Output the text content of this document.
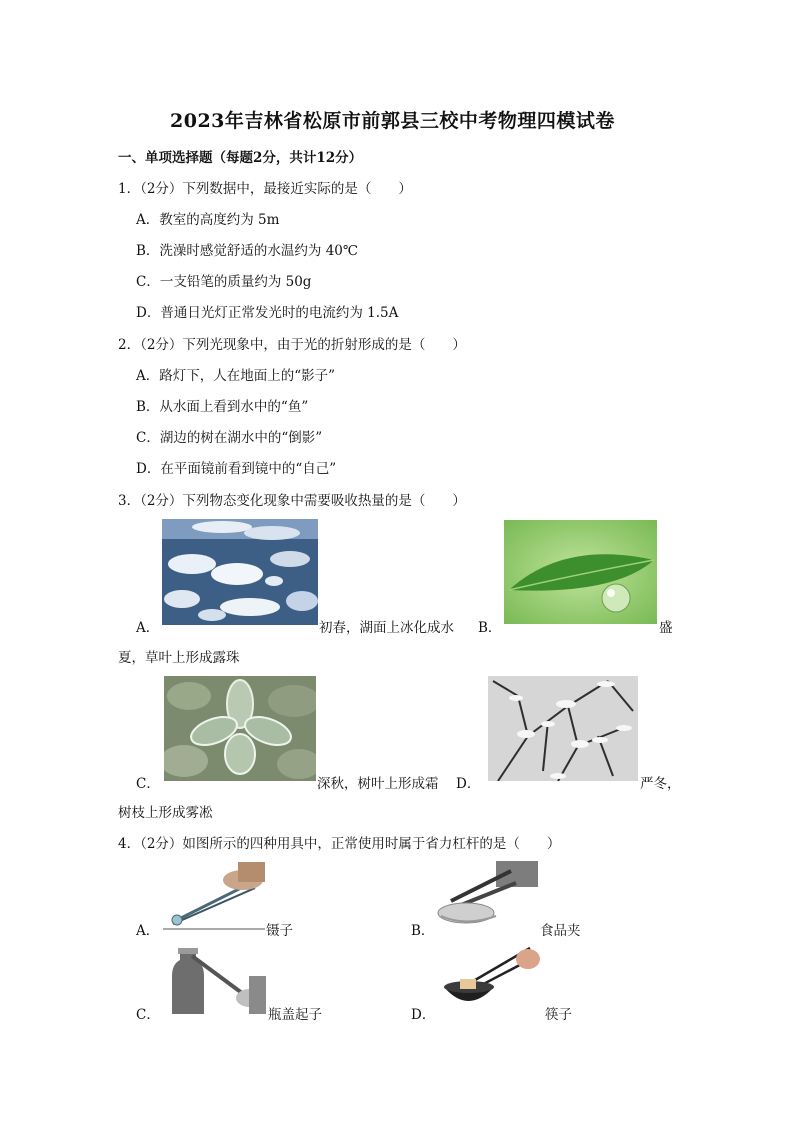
2023年吉林省松原市前郭县三校中考物理四模试卷
一、单项选择题（每题2分，共计12分）
1．（2分）下列数据中，最接近实际的是（　　）
A．教室的高度约为 5m
B．洗澡时感觉舒适的水温约为 40℃
C．一支铅笔的质量约为 50g
D．普通日光灯正常发光时的电流约为 1.5A
2．（2分）下列光现象中，由于光的折射形成的是（　　）
A．路灯下，人在地面上的“影子”
B．从水面上看到水中的“鱼”
C．湖边的树在湖水中的“倒影”
D．在平面镜前看到镜中的“自己”
3．（2分）下列物态变化现象中需要吸收热量的是（　　）
A．	初春，湖面上冰化成水 B．	盛
夏，草叶上形成露珠
C．	深秋，树叶上形成霜 D．	严冬，
树枝上形成雾凇
4．（2分）如图所示的四种用具中，正常使用时属于省力杠杆的是（　　）
A．	镊子	B．	食品夹
C．	瓶盖起子	D．	筷子
